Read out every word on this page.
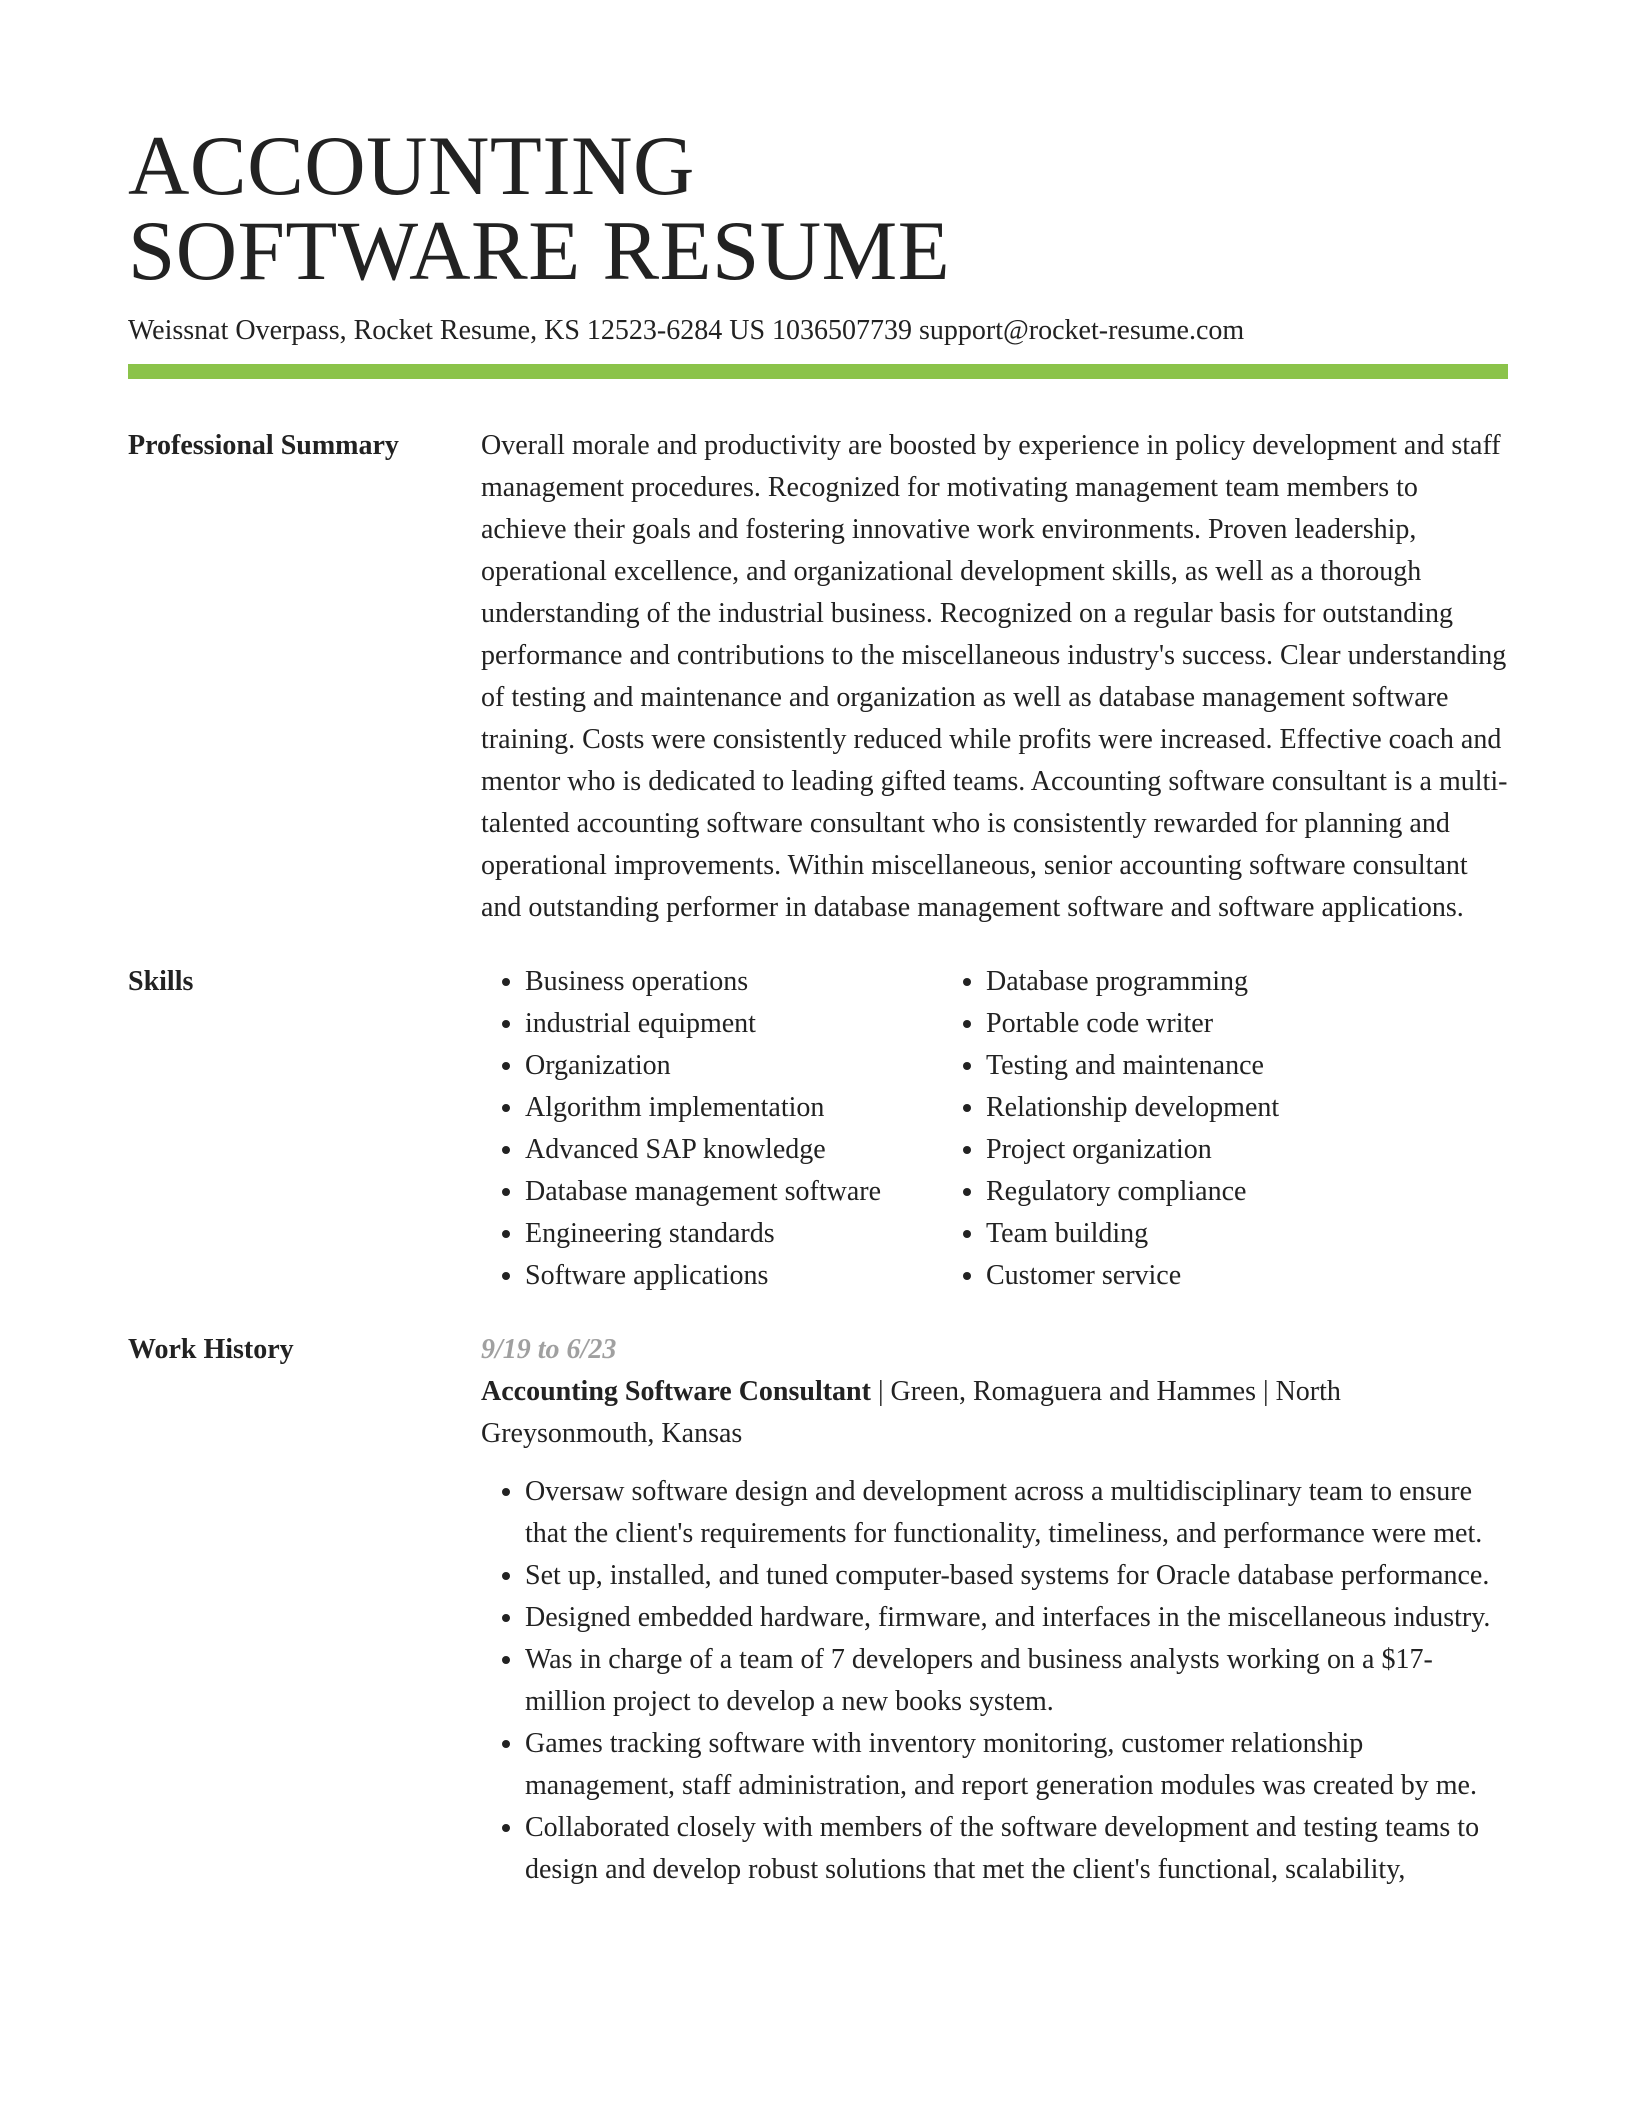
ACCOUNTING
SOFTWARE RESUME
Weissnat Overpass, Rocket Resume, KS 12523-6284 US 1036507739 support@rocket-resume.com
Professional Summary	Overall morale and productivity are boosted by experience in policy development and staff management procedures. Recognized for motivating management team members to achieve their goals and fostering innovative work environments. Proven leadership, operational excellence, and organizational development skills, as well as a thorough understanding of the industrial business. Recognized on a regular basis for outstanding performance and contributions to the miscellaneous industry's success. Clear understanding of testing and maintenance and organization as well as database management software training. Costs were consistently reduced while profits were increased. Effective coach and mentor who is dedicated to leading gifted teams. Accounting software consultant is a multi-talented accounting software consultant who is consistently rewarded for planning and operational improvements. Within miscellaneous, senior accounting software consultant and outstanding performer in database management software and software applications.

Skills
•	Business operations
• industrial equipment
• Organization
• Algorithm implementation
• Advanced SAP knowledge
• Database management software
• Engineering standards
• Software applications
• Database programming
• Portable code writer
• Testing and maintenance
• Relationship development
• Project organization
• Regulatory compliance
• Team building
• Customer service
Work History	9/19 to 6/23
Accounting Software Consultant | Green, Romaguera and Hammes | North Greysonmouth, Kansas
• Oversaw software design and development across a multidisciplinary team to ensure that the client's requirements for functionality, timeliness, and performance were met.
• Set up, installed, and tuned computer-based systems for Oracle database performance.
• Designed embedded hardware, firmware, and interfaces in the miscellaneous industry.
• Was in charge of a team of 7 developers and business analysts working on a $17-million project to develop a new books system.
• Games tracking software with inventory monitoring, customer relationship management, staff administration, and report generation modules was created by me.
• Collaborated closely with members of the software development and testing teams to design and develop robust solutions that met the client's functional, scalability,
